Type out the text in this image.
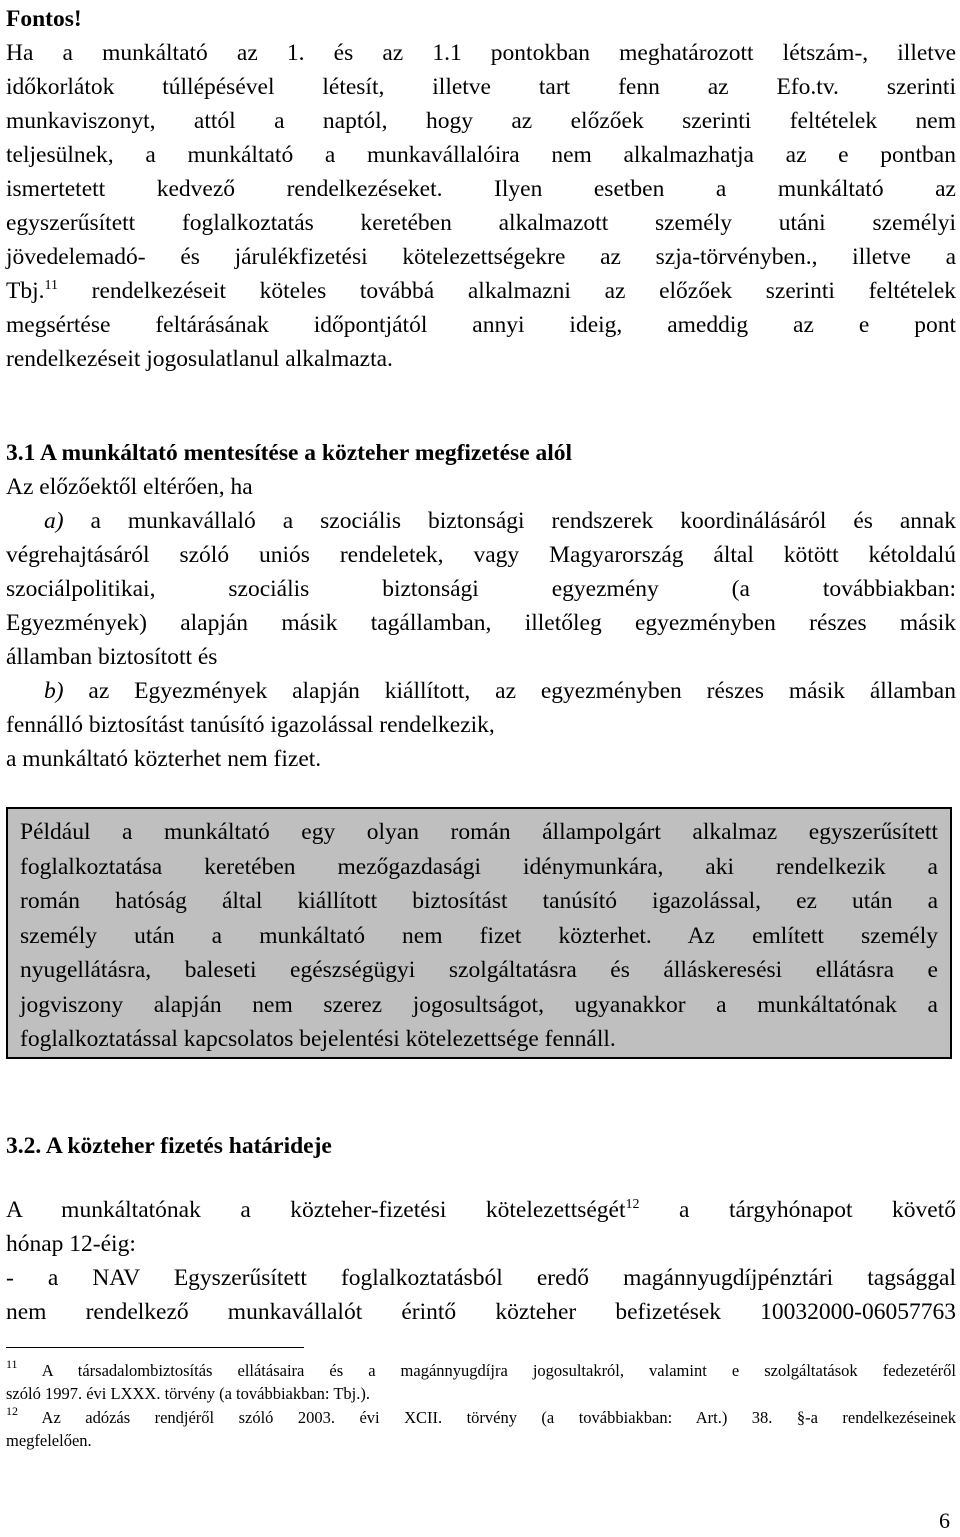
Fontos!

Ha a munkáltató az 1. és az 1.1 pontokban meghatározott létszám-, illetve

időkorlátok túllépésével létesít, illetve tart fenn az Efo.tv. szerinti

munkaviszonyt, attól a naptól, hogy az előzőek szerinti feltételek nem

teljesülnek, a munkáltató a munkavállalóira nem alkalmazhatja az e pontban

ismertetett kedvező rendelkezéseket. Ilyen esetben a munkáltató az

egyszerűsített foglalkoztatás keretében alkalmazott személy utáni személyi

jövedelemadó- és járulékfizetési kötelezettségekre az szja-törvényben., illetve a

Tbj.$^{11}$ rendelkezéseit köteles továbbá alkalmazni az előzőek szerinti feltételek

megsértése feltárásának időpontjától annyi ideig, ameddig az e pont

rendelkezéseit jogosulatlanul alkalmazta.

3.1 A munkáltató mentesítése a közteher megfizetése alól

Az előzőektől eltérően, ha

a) a munkavállaló a szociális biztonsági rendszerek koordinálásáról és annak

végrehajtásáról szóló uniós rendeletek, vagy Magyarország által kötött kétoldalú

szociálpolitikai, szociális biztonsági egyezmény (a továbbiakban:

Egyezmények) alapján másik tagállamban, illetőleg egyezményben részes másik

államban biztosított és

b) az Egyezmények alapján kiállított, az egyezményben részes másik államban

fennálló biztosítást tanúsító igazolással rendelkezik,

a munkáltató közterhet nem fizet.

Például a munkáltató egy olyan román állampolgárt alkalmaz egyszerűsített

foglalkoztatása keretében mezőgazdasági idénymunkára, aki rendelkezik a

román hatóság által kiállított biztosítást tanúsító igazolással, ez után a

személy után a munkáltató nem fizet közterhet. Az említett személy

nyugellátásra, baleseti egészségügyi szolgáltatásra és álláskeresési ellátásra e

jogviszony alapján nem szerez jogosultságot, ugyanakkor a munkáltatónak a

foglalkoztatással kapcsolatos bejelentési kötelezettsége fennáll.

3.2. A közteher fizetés határideje

A munkáltatónak a közteher-fizetési kötelezettségét$^{12}$ a tárgyhónapot követő

hónap 12-éig:

- a NAV Egyszerűsített foglalkoztatásból eredő magánnyugdíjpénztári tagsággal

nem rendelkező munkavállalót érintő közteher befizetések 10032000-06057763

$^{11}$ A társadalombiztosítás ellátásaira és a magánnyugdíjra jogosultakról, valamint e szolgáltatások fedezetéről

szóló 1997. évi LXXX. törvény (a továbbiakban: Tbj.).

$^{12}$ Az adózás rendjéről szóló 2003. évi XCII. törvény (a továbbiakban: Art.) 38. §-a rendelkezéseinek

megfelelően.

6
